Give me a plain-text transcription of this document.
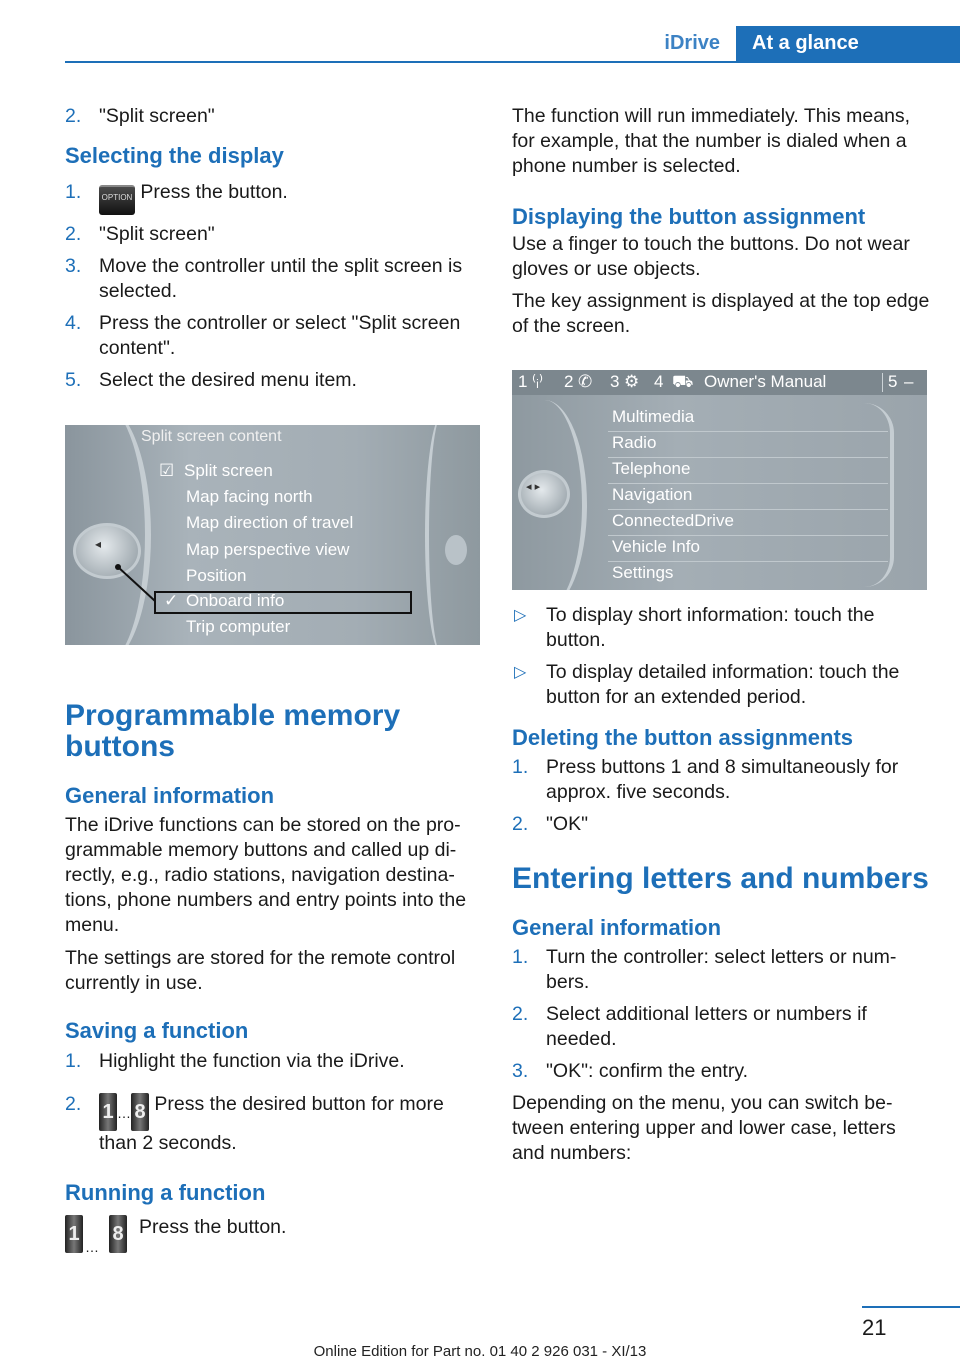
iDrive	At a glance
2. "Split screen"
Selecting the display
1.	OPTION Press the button.
2. "Split screen"
3. Move the controller until the split screen is selected.
4. Press the controller or select "Split screen content".
5. Select the desired menu item.
◂
Split screen content
☑ Split screen
Map facing north
Map direction of travel
Map perspective view
Position
✓ Onboard info
Trip computer
Programmable memory buttons
General information

The iDrive functions can be stored on the pro‐grammable memory buttons and called up di‐rectly, e.g., radio stations, navigation destina‐tions, phone numbers and entry points into the menu.

The settings are stored for the remote control currently in use.

Saving a function
1. Highlight the function via the iDrive.
2. 1 $_\dots$ 8 Press the desired button for more than 2 seconds.
Running a function
1
…
8 Press the button.

The function will run immediately. This means, for example, that the number is dialed when a phone number is selected.

Displaying the button assignment

Use a finger to touch the buttons. Do not wear gloves or use objects.

The key assignment is displayed at the top edge of the screen.

1 ⁽ᵢ⁾ 2 ✆ 3 ⚙ 4 ⛟ Owner's Manual	5 –
◂ ▸
Multimedia
Radio
Telephone
Navigation
ConnectedDrive
Vehicle Info
Settings
▷ To display short information: touch the button.
▷ To display detailed information: touch the button for an extended period.
Deleting the button assignments
1. Press buttons 1 and 8 simultaneously for approx. five seconds.
2. "OK"
Entering letters and numbers
General information
1. Turn the controller: select letters or num‐bers.
2. Select additional letters or numbers if needed.
3. "OK": confirm the entry.

Depending on the menu, you can switch be‐tween entering upper and lower case, letters and numbers:

21
Online Edition for Part no. 01 40 2 926 031 - XI/13
